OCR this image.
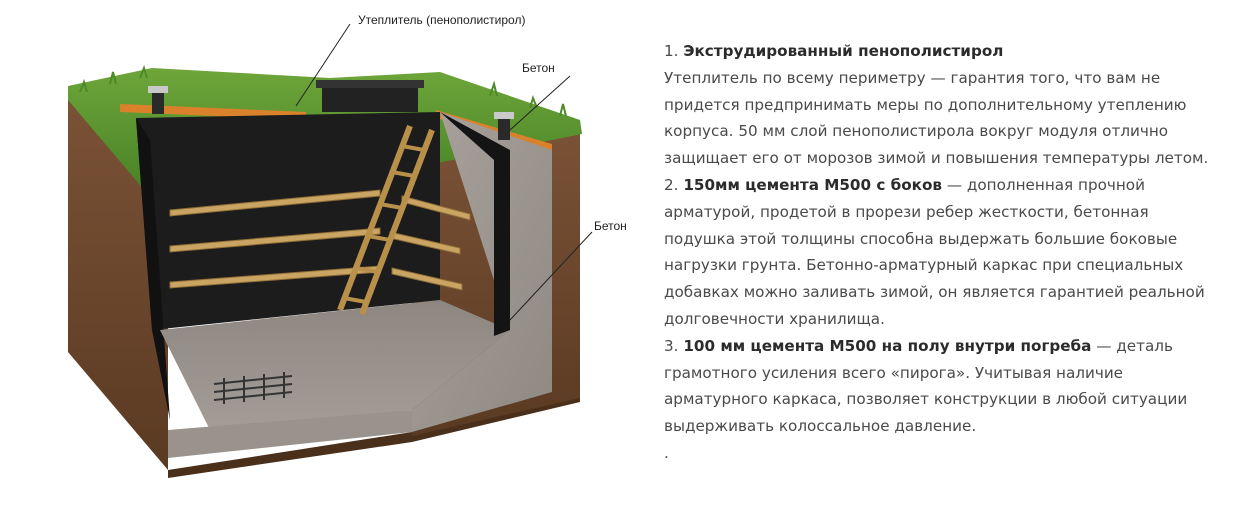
Утеплитель (пенополистирол)
Бетон
Бетон

1. Экструдированный пенополистирол
Утеплитель по всему периметру — гарантия того, что вам не придется предпринимать меры по дополнительному утеплению корпуса. 50 мм слой пенополистирола вокруг модуля отлично защищает его от морозов зимой и повышения температуры летом.

2. 150мм цемента М500 с боков — дополненная прочной арматурой, продетой в прорези ребер жесткости, бетонная подушка этой толщины способна выдержать большие боковые нагрузки грунта. Бетонно-арматурный каркас при специальных добавках можно заливать зимой, он является гарантией реальной долговечности хранилища.

3. 100 мм цемента М500 на полу внутри погреба — деталь грамотного усиления всего «пирога». Учитывая наличие арматурного каркаса, позволяет конструкции в любой ситуации выдерживать колоссальное давление.

.
